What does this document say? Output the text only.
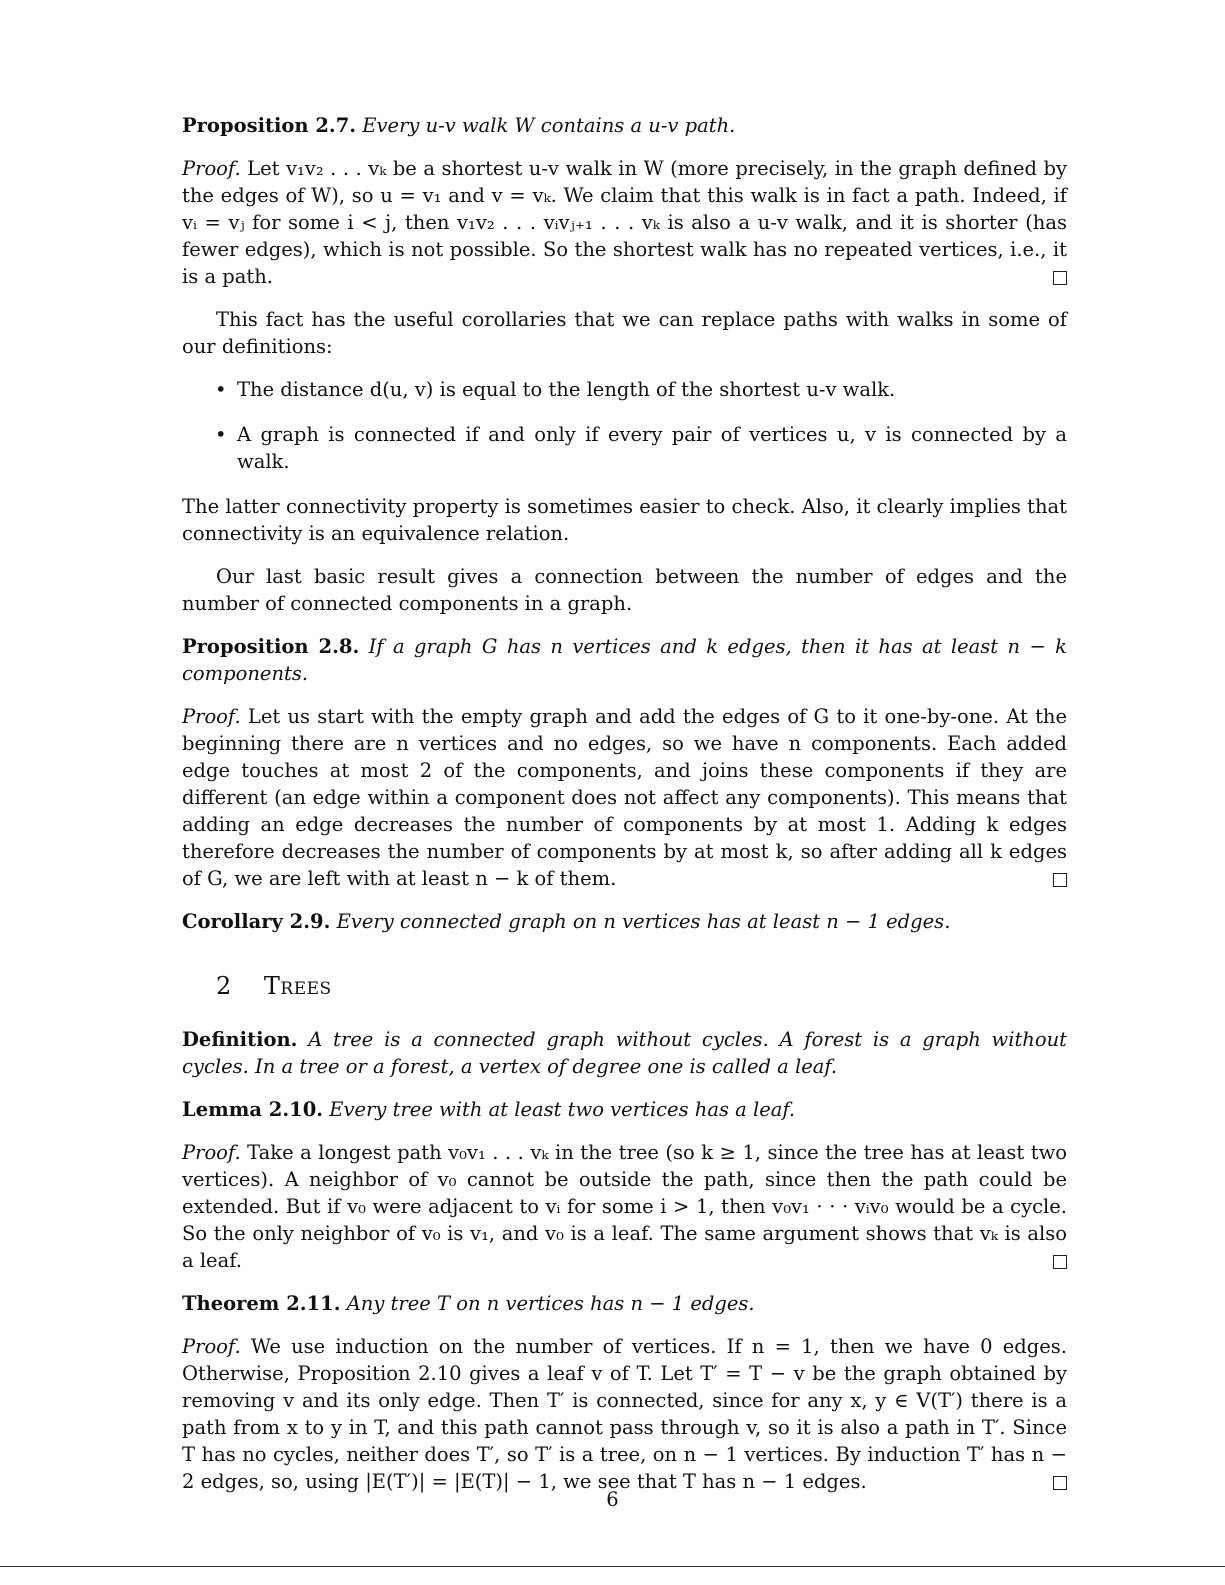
Proposition 2.7. Every u-v walk W contains a u-v path.

Proof. Let v₁v₂ . . . vₖ be a shortest u-v walk in W (more precisely, in the graph defined by the edges of W), so u = v₁ and v = vₖ. We claim that this walk is in fact a path. Indeed, if vᵢ = vⱼ for some i < j, then v₁v₂ . . . vᵢvⱼ₊₁ . . . vₖ is also a u-v walk, and it is shorter (has fewer edges), which is not possible. So the shortest walk has no repeated vertices, i.e., it is a path.

This fact has the useful corollaries that we can replace paths with walks in some of our definitions:

• The distance d(u, v) is equal to the length of the shortest u-v walk.
• A graph is connected if and only if every pair of vertices u, v is connected by a walk.

The latter connectivity property is sometimes easier to check. Also, it clearly implies that connectivity is an equivalence relation.

Our last basic result gives a connection between the number of edges and the number of connected components in a graph.

Proposition 2.8. If a graph G has n vertices and k edges, then it has at least n − k components.

Proof. Let us start with the empty graph and add the edges of G to it one-by-one. At the beginning there are n vertices and no edges, so we have n components. Each added edge touches at most 2 of the components, and joins these components if they are different (an edge within a component does not affect any components). This means that adding an edge decreases the number of components by at most 1. Adding k edges therefore decreases the number of components by at most k, so after adding all k edges of G, we are left with at least n − k of them.

Corollary 2.9. Every connected graph on n vertices has at least n − 1 edges.

2 Trees

Definition. A tree is a connected graph without cycles. A forest is a graph without cycles. In a tree or a forest, a vertex of degree one is called a leaf.

Lemma 2.10. Every tree with at least two vertices has a leaf.

Proof. Take a longest path v₀v₁ . . . vₖ in the tree (so k ≥ 1, since the tree has at least two vertices). A neighbor of v₀ cannot be outside the path, since then the path could be extended. But if v₀ were adjacent to vᵢ for some i > 1, then v₀v₁ · · · vᵢv₀ would be a cycle. So the only neighbor of v₀ is v₁, and v₀ is a leaf. The same argument shows that vₖ is also a leaf.

Theorem 2.11. Any tree T on n vertices has n − 1 edges.

Proof. We use induction on the number of vertices. If n = 1, then we have 0 edges. Otherwise, Proposition 2.10 gives a leaf v of T. Let T′ = T − v be the graph obtained by removing v and its only edge. Then T′ is connected, since for any x, y ∈ V(T′) there is a path from x to y in T, and this path cannot pass through v, so it is also a path in T′. Since T has no cycles, neither does T′, so T′ is a tree, on n − 1 vertices. By induction T′ has n − 2 edges, so, using |E(T′)| = |E(T)| − 1, we see that T has n − 1 edges.

6
